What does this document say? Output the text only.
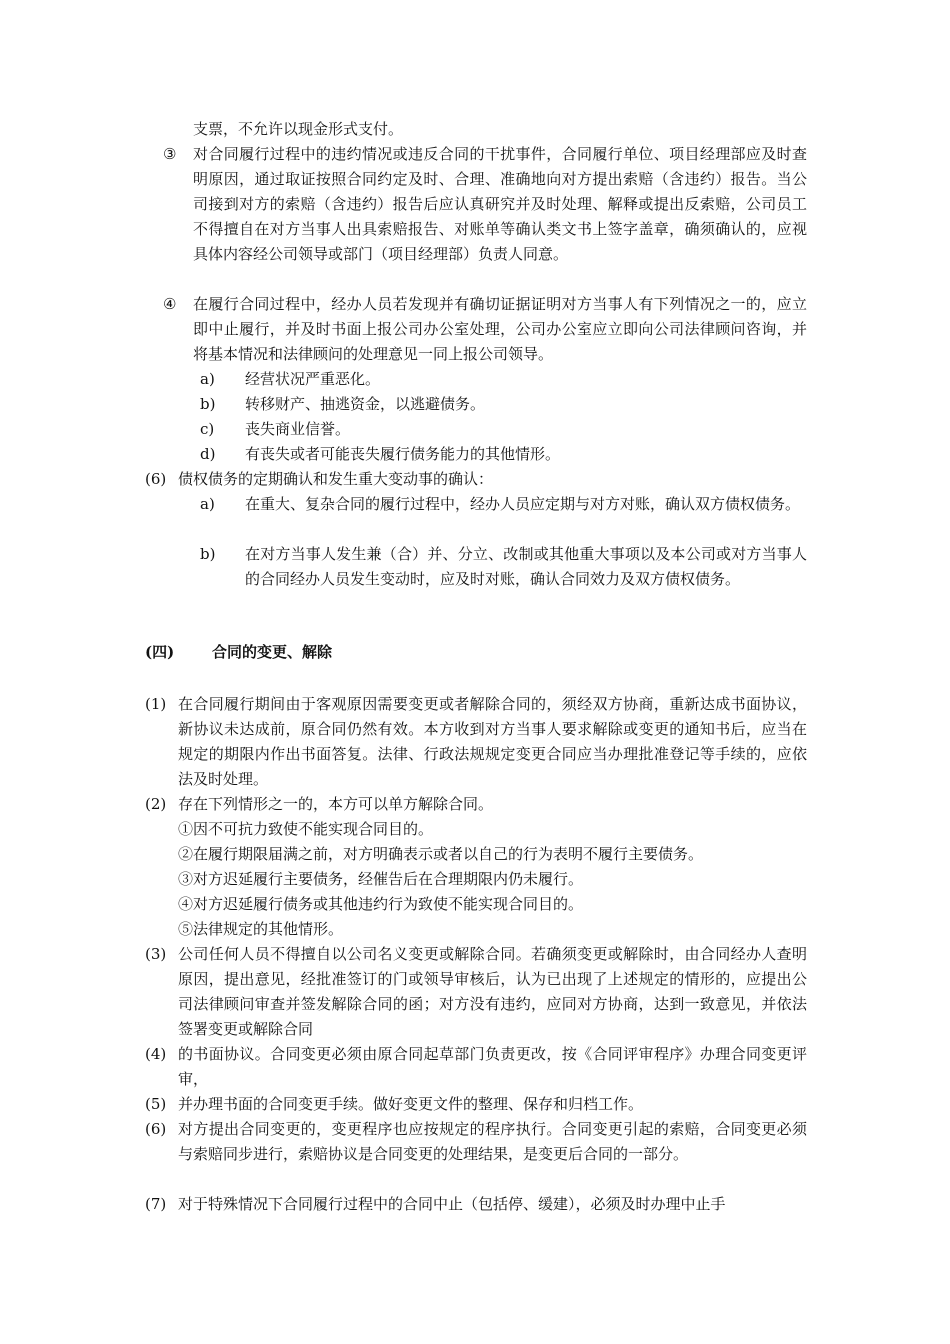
支票，不允许以现金形式支付。
③ 对合同履行过程中的违约情况或违反合同的干扰事件，合同履行单位、项目经理部应及时查明原因，通过取证按照合同约定及时、合理、准确地向对方提出索赔（含违约）报告。当公司接到对方的索赔（含违约）报告后应认真研究并及时处理、解释或提出反索赔，公司员工不得擅自在对方当事人出具索赔报告、对账单等确认类文书上签字盖章，确须确认的，应视具体内容经公司领导或部门（项目经理部）负责人同意。
④ 在履行合同过程中，经办人员若发现并有确切证据证明对方当事人有下列情况之一的，应立即中止履行，并及时书面上报公司办公室处理，公司办公室应立即向公司法律顾问咨询，并将基本情况和法律顾问的处理意见一同上报公司领导。
a) 经营状况严重恶化。
b) 转移财产、抽逃资金，以逃避债务。
c) 丧失商业信誉。
d) 有丧失或者可能丧失履行债务能力的其他情形。
(6) 债权债务的定期确认和发生重大变动事的确认：
a) 在重大、复杂合同的履行过程中，经办人员应定期与对方对账，确认双方债权债务。
b) 在对方当事人发生兼（合）并、分立、改制或其他重大事项以及本公司或对方当事人的合同经办人员发生变动时，应及时对账，确认合同效力及双方债权债务。
(四)	合同的变更、解除
(1) 在合同履行期间由于客观原因需要变更或者解除合同的，须经双方协商，重新达成书面协议，新协议未达成前，原合同仍然有效。本方收到对方当事人要求解除或变更的通知书后，应当在规定的期限内作出书面答复。法律、行政法规规定变更合同应当办理批准登记等手续的，应依法及时处理。
(2) 存在下列情形之一的，本方可以单方解除合同。
①因不可抗力致使不能实现合同目的。
②在履行期限届满之前，对方明确表示或者以自己的行为表明不履行主要债务。
③对方迟延履行主要债务，经催告后在合理期限内仍未履行。
④对方迟延履行债务或其他违约行为致使不能实现合同目的。
⑤法律规定的其他情形。
(3) 公司任何人员不得擅自以公司名义变更或解除合同。若确须变更或解除时，由合同经办人查明原因，提出意见，经批准签订的门或领导审核后，认为已出现了上述规定的情形的，应提出公司法律顾问审查并签发解除合同的函；对方没有违约，应同对方协商，达到一致意见，并依法签署变更或解除合同
(4) 的书面协议。合同变更必须由原合同起草部门负责更改，按《合同评审程序》办理合同变更评审，
(5) 并办理书面的合同变更手续。做好变更文件的整理、保存和归档工作。
(6) 对方提出合同变更的，变更程序也应按规定的程序执行。合同变更引起的索赔，合同变更必须与索赔同步进行，索赔协议是合同变更的处理结果，是变更后合同的一部分。
(7) 对于特殊情况下合同履行过程中的合同中止（包括停、缓建），必须及时办理中止手
